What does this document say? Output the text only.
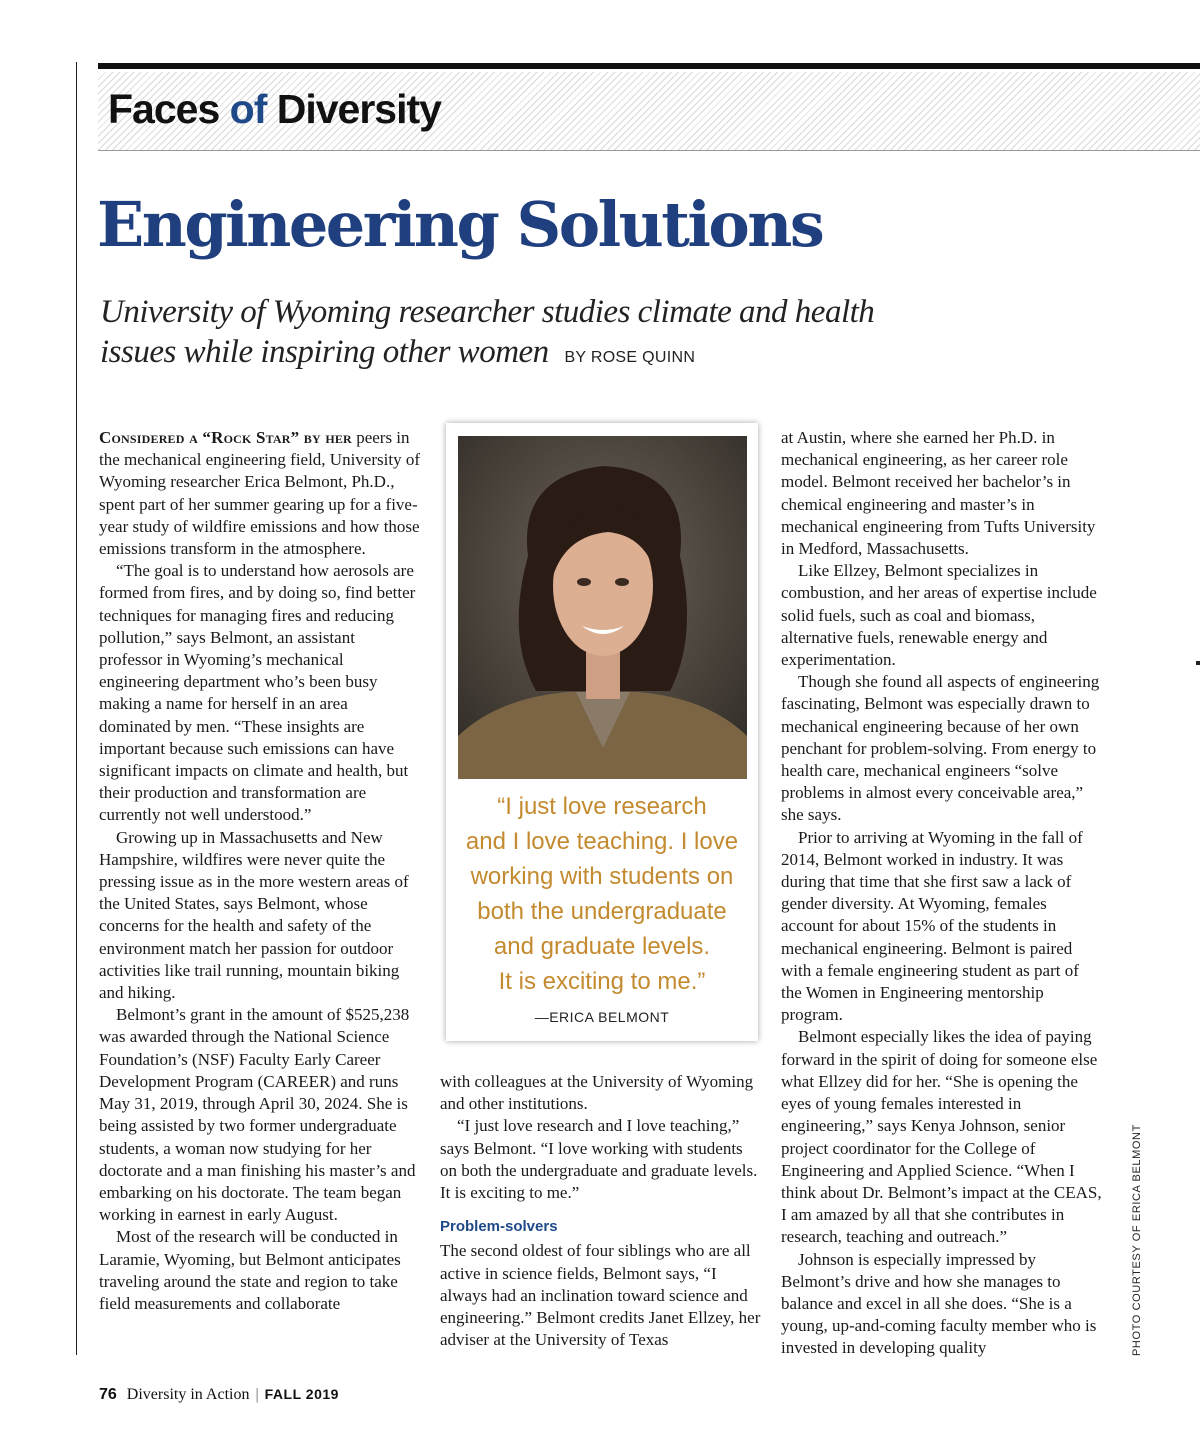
Faces of Diversity
Engineering Solutions

University of Wyoming researcher studies climate and health issues while inspiring other women BY ROSE QUINN

Considered a “Rock Star” by her peers in the mechanical engineering field, University of Wyoming researcher Erica Belmont, Ph.D., spent part of her summer gearing up for a five-year study of wildfire emissions and how those emissions transform in the atmosphere.

“The goal is to understand how aerosols are formed from fires, and by doing so, find better techniques for managing fires and reducing pollution,” says Belmont, an assistant professor in Wyoming’s mechanical engineering department who’s been busy making a name for herself in an area dominated by men. “These insights are important because such emissions can have significant impacts on climate and health, but their production and transformation are currently not well understood.”

Growing up in Massachusetts and New Hampshire, wildfires were never quite the pressing issue as in the more western areas of the United States, says Belmont, whose concerns for the health and safety of the environment match her passion for outdoor activities like trail running, mountain biking and hiking.

Belmont’s grant in the amount of $525,238 was awarded through the National Science Foundation’s (NSF) Faculty Early Career Development Program (CAREER) and runs May 31, 2019, through April 30, 2024. She is being assisted by two former undergraduate students, a woman now studying for her doctorate and a man finishing his master’s and embarking on his doctorate. The team began working in earnest in early August.

Most of the research will be conducted in Laramie, Wyoming, but Belmont anticipates traveling around the state and region to take field measurements and collaborate

“I just love research
and I love teaching. I love
working with students on
both the undergraduate
and graduate levels.
It is exciting to me.”

—ERICA BELMONT

with colleagues at the University of Wyoming and other institutions.

“I just love research and I love teaching,” says Belmont. “I love working with students on both the undergraduate and graduate levels. It is exciting to me.”

Problem-solvers

The second oldest of four siblings who are all active in science fields, Belmont says, “I always had an inclination toward science and engineering.” Belmont credits Janet Ellzey, her adviser at the University of Texas

at Austin, where she earned her Ph.D. in mechanical engineering, as her career role model. Belmont received her bachelor’s in chemical engineering and master’s in mechanical engineering from Tufts University in Medford, Massachusetts.

Like Ellzey, Belmont specializes in combustion, and her areas of expertise include solid fuels, such as coal and biomass, alternative fuels, renewable energy and experimentation.

Though she found all aspects of engineering fascinating, Belmont was especially drawn to mechanical engineering because of her own penchant for problem-solving. From energy to health care, mechanical engineers “solve problems in almost every conceivable area,” she says.

Prior to arriving at Wyoming in the fall of 2014, Belmont worked in industry. It was during that time that she first saw a lack of gender diversity. At Wyoming, females account for about 15% of the students in mechanical engineering. Belmont is paired with a female engineering student as part of the Women in Engineering mentorship program.

Belmont especially likes the idea of paying forward in the spirit of doing for someone else what Ellzey did for her. “She is opening the eyes of young females interested in engineering,” says Kenya Johnson, senior project coordinator for the College of Engineering and Applied Science. “When I think about Dr. Belmont’s impact at the CEAS, I am amazed by all that she contributes in research, teaching and outreach.”

Johnson is especially impressed by Belmont’s drive and how she manages to balance and excel in all she does. “She is a young, up-and-coming faculty member who is invested in developing quality	PHOTO COURTESY OF ERICA BELMONT
76 Diversity in Action | FALL 2019
